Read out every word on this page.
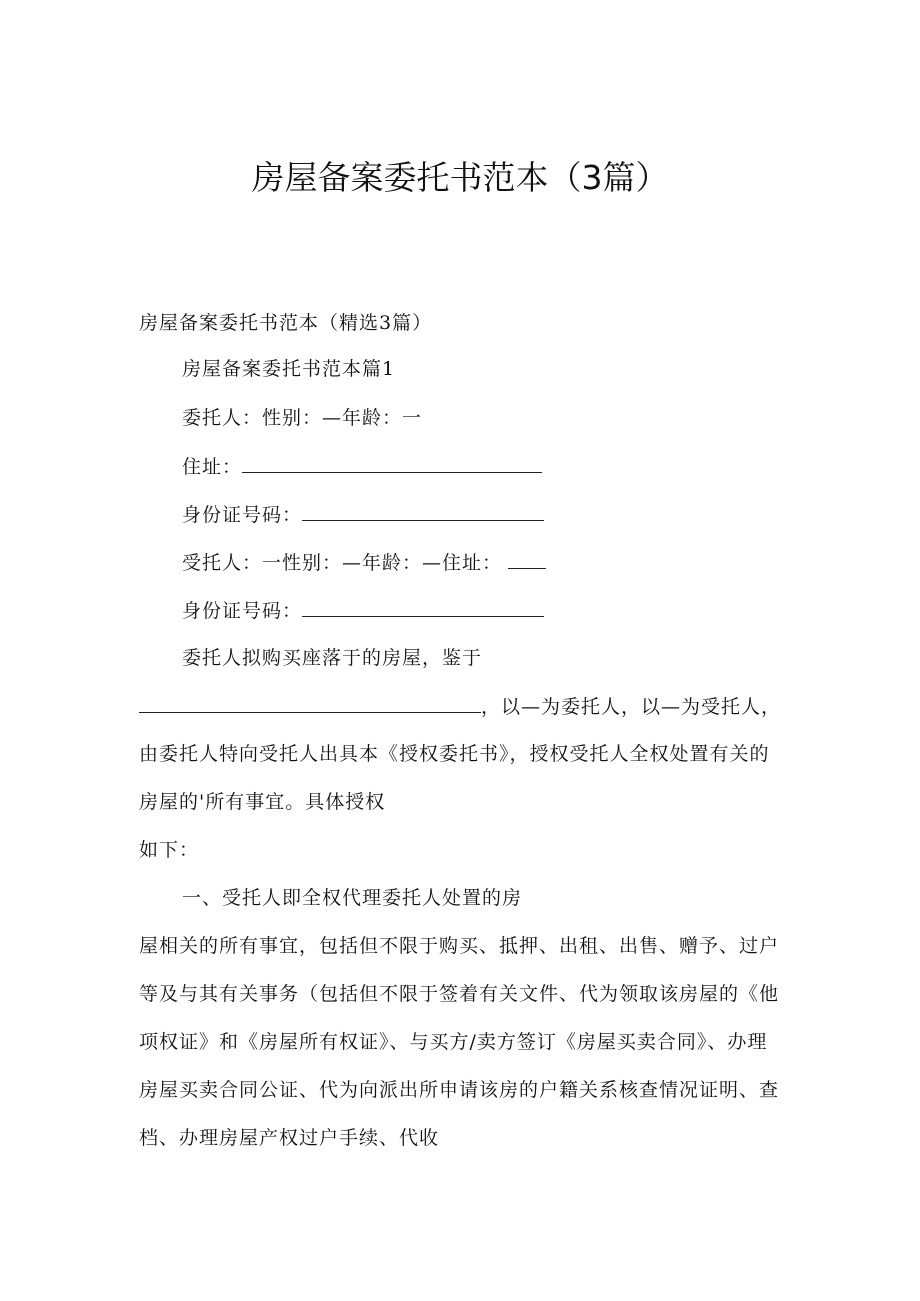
房屋备案委托书范本（3篇）
房屋备案委托书范本（精选3篇）
房屋备案委托书范本篇1
委托人：性别：—年龄：一
住址：
身份证号码：
受托人：一性别：—年龄：—住址：
身份证号码：
委托人拟购买座落于的房屋，鉴于
，以—为委托人，以—为受托人，
由委托人特向受托人出具本《授权委托书》，授权受托人全权处置有关的
房屋的'所有事宜。具体授权
如下：
一、受托人即全权代理委托人处置的房
屋相关的所有事宜，包括但不限于购买、抵押、出租、出售、赠予、过户
等及与其有关事务（包括但不限于签着有关文件、代为领取该房屋的《他
项权证》和《房屋所有权证》、与买方/卖方签订《房屋买卖合同》、办理
房屋买卖合同公证、代为向派出所申请该房的户籍关系核查情况证明、查
档、办理房屋产权过户手续、代收
